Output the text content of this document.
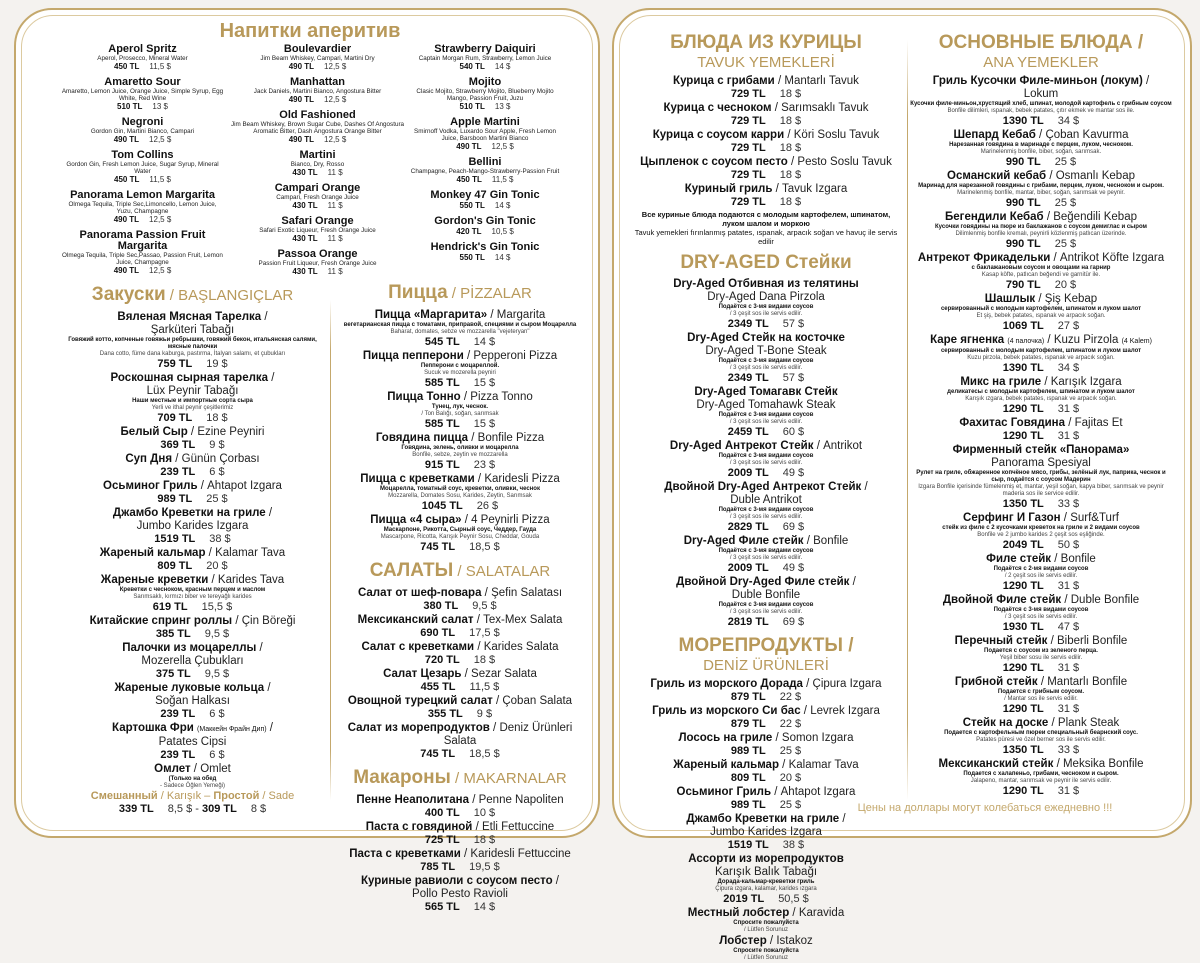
Напитки аперитив
Aperol Spritz
Aperol, Prosecco, Mineral Water
450 TL 11,5 $
Amaretto Sour
Amaretto, Lemon Juice, Orange Juice, Simple Syrup, Egg White, Red Wine
510 TL 13 $
Negroni
Gordon Gin, Martini Bianco, Campari
490 TL 12,5 $
Tom Collins
Gordon Gin, Fresh Lemon Juice, Sugar Syrup, Mineral Water
450 TL 11,5 $
Panorama Lemon Margarita
Olmega Tequila, Triple Sec,Limoncello, Lemon Juice, Yuzu, Champagne
490 TL 12,5 $
Panorama Passion Fruit Margarita
Olmega Tequila, Triple Sec,Passao, Passion Fruit, Lemon Juice, Champagne
490 TL 12,5 $
Boulevardier
Jim Beam Whiskey, Campari, Martini Dry
490 TL 12,5 $
Manhattan
Jack Daniels, Martini Bianco, Angostura Bitter
490 TL 12,5 $
Old Fashioned
Jim Beam Whiskey, Brown Sugar Cube, Dashes Of Angostura Aromatic Bitter, Dash Angostura Orange Bitter
490 TL 12,5 $
Martini
Bianco, Dry, Rosso
430 TL 11 $
Campari Orange
Campari, Fresh Orange Juice
430 TL 11 $
Safari Orange
Safari Exotic Liqueur, Fresh Orange Juice
430 TL 11 $
Passoa Orange
Passion Fruit Liqueur, Fresh Orange Juice
430 TL 11 $
Strawberry Daiquiri
Captain Morgan Rum, Strawberry, Lemon Juice
540 TL 14 $
Mojito
Clasic Mojito, Strawberry Mojito, Blueberry Mojito Mango, Passion Fruit, Juzu
510 TL 13 $
Apple Martini
Smirnoff Vodka, Luxardo Sour Apple, Fresh Lemon Juice, Barsboon Martini Bianco
490 TL 12,5 $
Bellini
Champagne, Peach-Mango-Strawberry-Passion Fruit
450 TL 11,5 $
Monkey 47 Gin Tonic
550 TL 14 $
Gordon's Gin Tonic
420 TL 10,5 $
Hendrick's Gin Tonic
550 TL 14 $
Закуски / BAŞLANGIÇLAR
Вяленая Мясная Тарелка /
Şarküteri Tabağı
Говяжий котто, копченые говяжьи ребрышки, говяжий бекон, итальянская салями, мясные палочки
Dana cotto, füme dana kaburga, pastırma, İtalyan salamı, et çubukları
759 TL 19 $
Роскошная сырная тарелка /
Lüx Peynir Tabağı
Наши местные и импортные сорта сыра
Yerli ve ithal peynir çeşitlerimiz
709 TL 18 $
Белый Сыр / Ezine Peyniri
369 TL 9 $
Суп Дня / Günün Çorbası
239 TL 6 $
Осьминог Гриль / Ahtapot Izgara
989 TL 25 $
Джамбо Креветки на гриле /
Jumbo Karides Izgara
1519 TL 38 $
Жареный кальмар / Kalamar Tava
809 TL 20 $
Жареные креветки / Karides Tava
Креветки с чесноком, красным перцем и маслом
Sarımsaklı, kırmızı biber ve tereyağlı karides
619 TL 15,5 $
Китайские спринг роллы / Çin Böreği
385 TL 9,5 $
Палочки из моцареллы /
Mozerella Çubukları
375 TL 9,5 $
Жареные луковые кольца /
Soğan Halkası
239 TL 6 $
Картошка Фри (Маккейн Фрайн Дип) /
Patates Cipsi
239 TL 6 $
Омлет / Omlet
(Только на обед
- Sadece Öğlen Yemeği)
Смешанный / Karışık – Простой / Sade
339 TL 8,5 $ - 309 TL 8 $
Пицца / PİZZALAR
Пицца «Маргарита» / Margarita
вегетарианская пицца с томатами, приправой, специями и сыром Моцарелла
Baharat, domates, sebze ve mozzarella "vejeteryan"
545 TL 14 $
Пицца пепперони / Pepperoni Pizza
Пепперони с моцареллой.
Sucuk ve mozerella peyniri
585 TL 15 $
Пицца Тонно / Pizza Tonno
Тунец, лук, чеснок.
/ Ton Balığı, soğan, sarımsak
585 TL 15 $
Говядина пицца / Bonfile Pizza
Говядина, зелень, оливки и моцарелла
Bonfile, sebze, zeytin ve mozzarella
915 TL 23 $
Пицца с креветками / Karidesli Pizza
Моцарелла, томатный соус, креветки, оливки, чеснок
Mozzarella, Domates Sosu, Karides, Zeytin, Sarımsak
1045 TL 26 $
Пицца «4 сыра» / 4 Peynirli Pizza
Маскарпоне, Рикотта, Сырный соус, Чеддер, Гауда
Mascarpone, Ricotta, Karışık Peynir Sosu, Cheddar, Gouda
745 TL 18,5 $
САЛАТЫ / SALATALAR
Салат от шеф-повара / Şefin Salatası
380 TL 9,5 $
Мексиканский салат / Tex-Mex Salata
690 TL 17,5 $
Салат с креветками / Karides Salata
720 TL 18 $
Салат Цезарь / Sezar Salata
455 TL 11,5 $
Овощной турецкий салат / Çoban Salata
355 TL 9 $
Салат из морепродуктов / Deniz Ürünleri Salata
745 TL 18,5 $
Макароны / MAKARNALAR
Пенне Неаполитана / Penne Napoliten
400 TL 10 $
Паста с говядиной / Etli Fettuccine
725 TL 18 $
Паста с креветками / Karidesli Fettuccine
785 TL 19,5 $
Куриные равиоли с соусом песто /
Pollo Pesto Ravioli
565 TL 14 $
БЛЮДА ИЗ КУРИЦЫ
TAVUK YEMEKLERİ
Курица с грибами / Mantarlı Tavuk
729 TL 18 $
Курица с чесноком / Sarımsaklı Tavuk
729 TL 18 $
Курица с соусом карри / Köri Soslu Tavuk
729 TL 18 $
Цыпленок с соусом песто / Pesto Soslu Tavuk
729 TL 18 $
Куриный гриль / Tavuk Izgara
729 TL 18 $
Все куриные блюда подаются с молодым картофелем, шпинатом, луком шалом и моркою
Tavuk yemekleri fırınlanmış patates, ıspanak, arpacık soğan ve havuç ile servis edilir
DRY-AGED Стейки
Dry-Aged Отбивная из телятины
Dry-Aged Dana Pirzola
Подаётся с 3-мя видами соусов
/ 3 çeşit sos ile servis edilir.
2349 TL 57 $
Dry-Aged Стейк на косточке
Dry-Aged T-Bone Steak
Подаётся с 3-мя видами соусов
/ 3 çeşit sos ile servis edilir.
2349 TL 57 $
Dry-Aged Томагавк Стейк
Dry-Aged Tomahawk Steak
Подаётся с 3-мя видами соусов
/ 3 çeşit sos ile servis edilir.
2459 TL 60 $
Dry-Aged Антрекот Стейк / Antrikot
Подаётся с 3-мя видами соусов
/ 3 çeşit sos ile servis edilir.
2009 TL 49 $
Двойной Dry-Aged Антрекот Стейк /
Duble Antrikot
Подаётся с 3-мя видами соусов
/ 3 çeşit sos ile servis edilir.
2829 TL 69 $
Dry-Aged Филе стейк / Bonfile
Подаётся с 3-мя видами соусов
/ 3 çeşit sos ile servis edilir.
2009 TL 49 $
Двойной Dry-Aged Филе стейк /
Duble Bonfile
Подаётся с 3-мя видами соусов
/ 3 çeşit sos ile servis edilir.
2819 TL 69 $
МОРЕПРОДУКТЫ /
DENİZ ÜRÜNLERİ
Гриль из морского Дорада / Çipura Izgara
879 TL 22 $
Гриль из морского Си бас / Levrek Izgara
879 TL 22 $
Лосось на гриле / Somon Izgara
989 TL 25 $
Жареный кальмар / Kalamar Tava
809 TL 20 $
Осьминог Гриль / Ahtapot Izgara
989 TL 25 $
Джамбо Креветки на гриле /
Jumbo Karides Izgara
1519 TL 38 $
Ассорти из морепродуктов
Karışık Balık Tabağı
Дорада-кальмар-креветки гриль
Çipura ızgara, kalamar, karides ızgara
2019 TL 50,5 $
Местный лобстер / Karavida
Спросите пожалуйста
/ Lütfen Sorunuz
Лобстер / Istakoz
Спросите пожалуйста
/ Lütfen Sorunuz
ОСНОВНЫЕ БЛЮДА /
ANA YEMEKLER
Гриль Кусочки Филе-миньон (локум) /
Lokum
Кусочки филе-миньон,хрустящий хлеб, шпинат, молодой картофель с грибным соусом
Bonfile dilimleri, ıspanak, bebek patates, çıtır ekmek ve mantar sos ile.
1390 TL 34 $
Шепард Кебаб / Çoban Kavurma
Нарезанная говядина в маринаде с перцем, луком, чесноком.
Marinelenmiş bonfile, biber, soğan, sarımsak.
990 TL 25 $
Османский кебаб / Osmanlı Kebap
Маринад для нарезанной говядины с грибами, перцем, луком, чесноком и сыром.
Marinelenmiş bonfile, mantar, biber, soğan, sarımsak ve peynir.
990 TL 25 $
Бегендили Кебаб / Beğendili Kebap
Кусочки говядины на пюре из баклажанов с соусом демиглас и сыром
Dilimlenmiş bonfile kremalı, peynirli közlenmiş patlıcan üzerinde.
990 TL 25 $
Антрекот Фрикадельки / Antrikot Köfte Izgara
с баклажановым соусом и овощами на гарнир
Kasap köfte, patlıcan beğendi ve garnitür ile.
790 TL 20 $
Шашлык / Şiş Kebap
сервированный с молодым картофелем, шпинатом и луком шалот
Et şiş, bebek patates, ıspanak ve arpacık soğan.
1069 TL 27 $
Каре ягненка (4 палочка) / Kuzu Pirzola (4 Kalem)
сервированный с молодым картофелем, шпинатом и луком шалот
Kuzu pirzola, bebek patates, ıspanak ve arpacık soğan.
1390 TL 34 $
Микс на гриле / Karışık Izgara
деликатесы с молодым картофелем, шпинатом и луком шалот
Karışık ızgara, bebek patates, ıspanak ve arpacık soğan.
1290 TL 31 $
Фахитас Говядина / Fajitas Et
1290 TL 31 $
Фирменный стейк «Панорама»
Panorama Spesiyal
Рулет на гриле, обжаренное копчёное мясо, грибы, зелёный лук, паприка, чеснок и сыр, подаётся с соусом Мадерин
Izgara Bonfile içerisinde fümelenmiş et, mantar, yeşil soğan, kapya biber, sarımsak ve peynir maderia sos ile service edilir.
1350 TL 33 $
Серфинг И Газон / Surf&Turf
стейк из филе с 2 кусочками креветок на гриле и 2 видами соусов
Bonfile ve 2 jumbo karides 2 çeşit sos eşliğinde.
2049 TL 50 $
Филе стейк / Bonfile
Подаётся с 2-мя видами соусов
/ 2 çeşit sos ile servis edilir.
1290 TL 31 $
Двойной Филе стейк / Duble Bonfile
Подаётся с 3-мя видами соусов
/ 3 çeşit sos ile servis edilir.
1930 TL 47 $
Перечный стейк / Biberli Bonfile
Подается с соусом из зеленого перца.
Yeşil biber sosu ile servis edilir.
1290 TL 31 $
Грибной стейк / Mantarlı Bonfile
Подается с грибным соусом.
/ Mantar sos ile servis edilir.
1290 TL 31 $
Стейк на доске / Plank Steak
Подается с картофельным пюреи специальный беарнский соус.
Patates püresi ve özel berner sos ile servis edilir.
1350 TL 33 $
Мексиканский стейк / Meksika Bonfile
Подается с халапеньо, грибами, чесноком и сыром.
Jalapeno, mantar, sarımsak ve peynir ile servis edilir.
1290 TL 31 $
Цены на доллары могут колебаться ежедневно !!!
